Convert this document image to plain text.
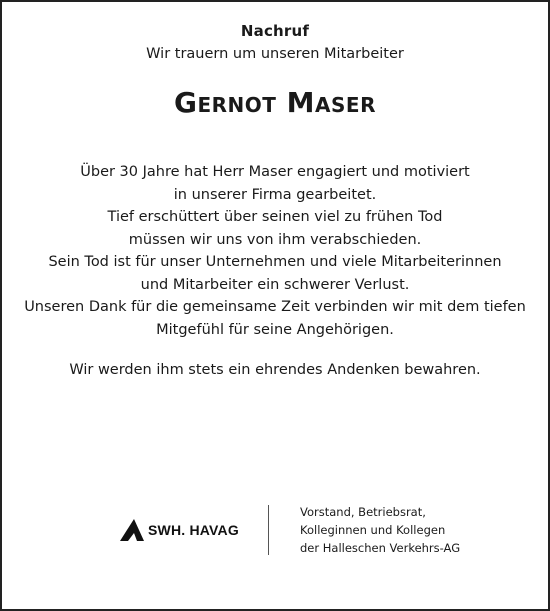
Nachruf
Wir trauern um unseren Mitarbeiter
Gernot Maser
Über 30 Jahre hat Herr Maser engagiert und motiviert
in unserer Firma gearbeitet.
Tief erschüttert über seinen viel zu frühen Tod
müssen wir uns von ihm verabschieden.
Sein Tod ist für unser Unternehmen und viele Mitarbeiterinnen
und Mitarbeiter ein schwerer Verlust.
Unseren Dank für die gemeinsame Zeit verbinden wir mit dem tiefen
Mitgefühl für seine Angehörigen.
Wir werden ihm stets ein ehrendes Andenken bewahren.
SWH. HAVAG
Vorstand, Betriebsrat,
Kolleginnen und Kollegen
der Halleschen Verkehrs-AG
